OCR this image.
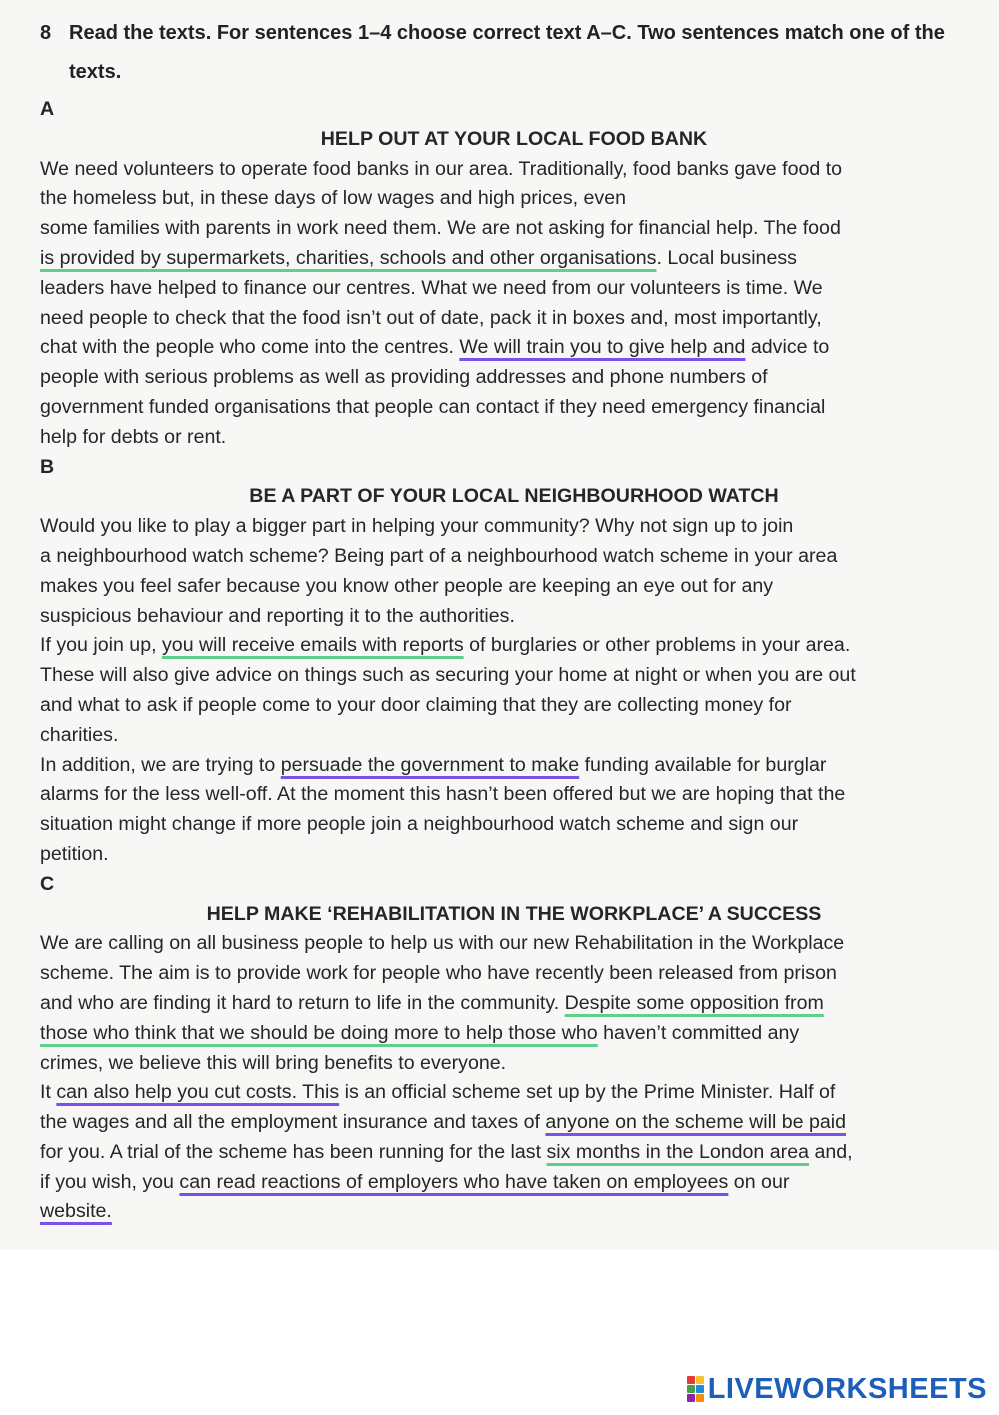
8 Read the texts. For sentences 1–4 choose correct text A–C. Two sentences match one of the texts.
A
HELP OUT AT YOUR LOCAL FOOD BANK
We need volunteers to operate food banks in our area. Traditionally, food banks gave food to
the homeless but, in these days of low wages and high prices, even
some families with parents in work need them. We are not asking for financial help. The food
is provided by supermarkets, charities, schools and other organisations. Local business
leaders have helped to finance our centres. What we need from our volunteers is time. We
need people to check that the food isn’t out of date, pack it in boxes and, most importantly,
chat with the people who come into the centres. We will train you to give help and advice to
people with serious problems as well as providing addresses and phone numbers of
government funded organisations that people can contact if they need emergency financial
help for debts or rent.
B
BE A PART OF YOUR LOCAL NEIGHBOURHOOD WATCH
Would you like to play a bigger part in helping your community? Why not sign up to join
a neighbourhood watch scheme? Being part of a neighbourhood watch scheme in your area
makes you feel safer because you know other people are keeping an eye out for any
suspicious behaviour and reporting it to the authorities.
If you join up, you will receive emails with reports of burglaries or other problems in your area.
These will also give advice on things such as securing your home at night or when you are out
and what to ask if people come to your door claiming that they are collecting money for
charities.
In addition, we are trying to persuade the government to make funding available for burglar
alarms for the less well-off. At the moment this hasn’t been offered but we are hoping that the
situation might change if more people join a neighbourhood watch scheme and sign our
petition.
C
HELP MAKE ‘REHABILITATION IN THE WORKPLACE’ A SUCCESS
We are calling on all business people to help us with our new Rehabilitation in the Workplace
scheme. The aim is to provide work for people who have recently been released from prison
and who are finding it hard to return to life in the community. Despite some opposition from
those who think that we should be doing more to help those who haven’t committed any
crimes, we believe this will bring benefits to everyone.
It can also help you cut costs. This is an official scheme set up by the Prime Minister. Half of
the wages and all the employment insurance and taxes of anyone on the scheme will be paid
for you. A trial of the scheme has been running for the last six months in the London area and,
if you wish, you can read reactions of employers who have taken on employees on our
website.
LIVEWORKSHEETS
